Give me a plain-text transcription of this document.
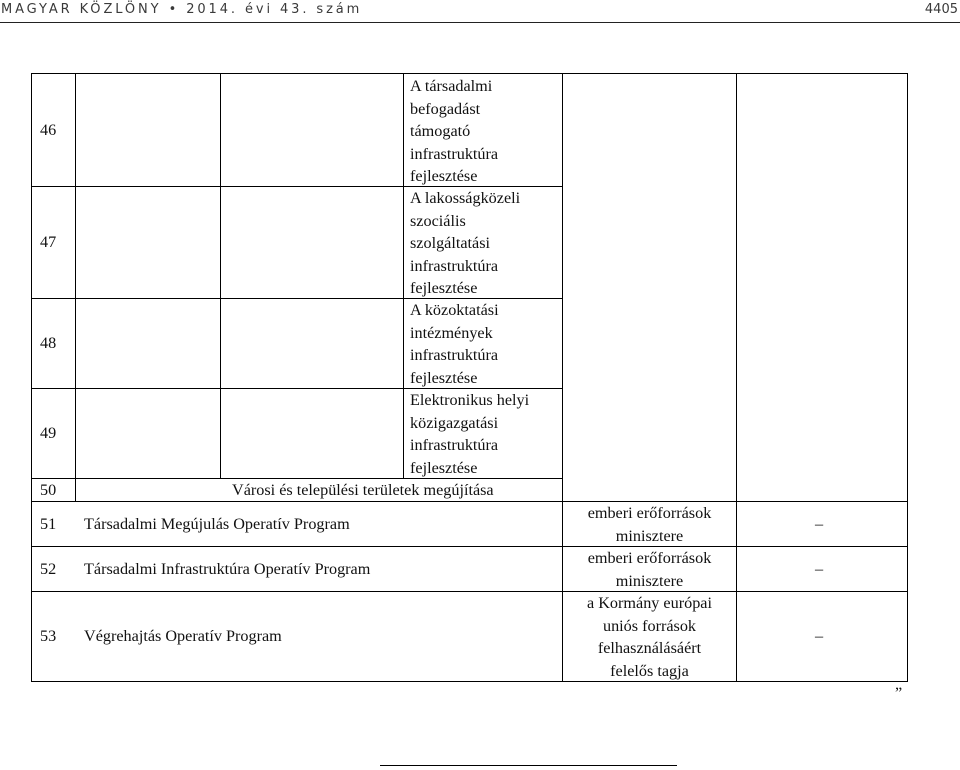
MAGYAR KÖZLÖNY • 2014. évi 43. szám	4405
46
A társadalmi
befogadást
támogató
infrastruktúra
fejlesztése
47
A lakosságközeli
szociális
szolgáltatási
infrastruktúra
fejlesztése
48
A közoktatási
intézmények
infrastruktúra
fejlesztése
49
Elektronikus helyi
közigazgatási
infrastruktúra
fejlesztése
50	Városi és települési területek megújítása
51 Társadalmi Megújulás Operatív Program
emberi erőforrások
minisztere
–
52 Társadalmi Infrastruktúra Operatív Program
emberi erőforrások
minisztere
–
53 Végrehajtás Operatív Program
a Kormány európai
uniós források
felhasználásáért
felelős tagja
–
”
